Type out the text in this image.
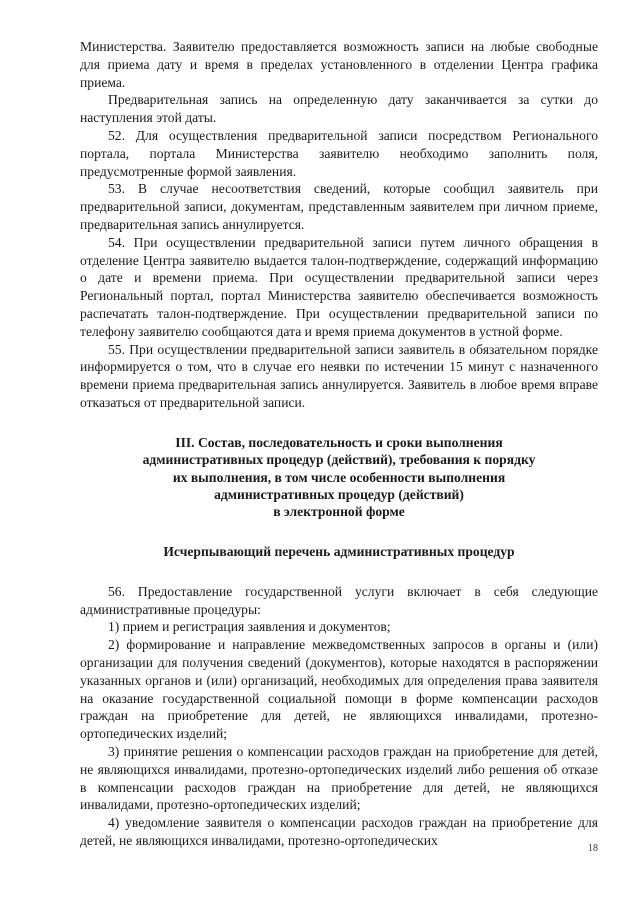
Министерства. Заявителю предоставляется возможность записи на любые свободные для приема дату и время в пределах установленного в отделении Центра графика приема.

Предварительная запись на определенную дату заканчивается за сутки до наступления этой даты.

52. Для осуществления предварительной записи посредством Регионального портала, портала Министерства заявителю необходимо заполнить поля, предусмотренные формой заявления.

53. В случае несоответствия сведений, которые сообщил заявитель при предварительной записи, документам, представленным заявителем при личном приеме, предварительная запись аннулируется.

54. При осуществлении предварительной записи путем личного обращения в отделение Центра заявителю выдается талон-подтверждение, содержащий информацию о дате и времени приема. При осуществлении предварительной записи через Региональный портал, портал Министерства заявителю обеспечивается возможность распечатать талон-подтверждение. При осуществлении предварительной записи по телефону заявителю сообщаются дата и время приема документов в устной форме.

55. При осуществлении предварительной записи заявитель в обязательном порядке информируется о том, что в случае его неявки по истечении 15 минут с назначенного времени приема предварительная запись аннулируется. Заявитель в любое время вправе отказаться от предварительной записи.

III. Состав, последовательность и сроки выполнения
административных процедур (действий), требования к порядку
их выполнения, в том числе особенности выполнения
административных процедур (действий)
в электронной форме
Исчерпывающий перечень административных процедур

56. Предоставление государственной услуги включает в себя следующие административные процедуры:

1) прием и регистрация заявления и документов;

2) формирование и направление межведомственных запросов в органы и (или) организации для получения сведений (документов), которые находятся в распоряжении указанных органов и (или) организаций, необходимых для определения права заявителя на оказание государственной социальной помощи в форме компенсации расходов граждан на приобретение для детей, не являющихся инвалидами, протезно-ортопедических изделий;

3) принятие решения о компенсации расходов граждан на приобретение для детей, не являющихся инвалидами, протезно-ортопедических изделий либо решения об отказе в компенсации расходов граждан на приобретение для детей, не являющихся инвалидами, протезно-ортопедических изделий;

4) уведомление заявителя о компенсации расходов граждан на приобретение для детей, не являющихся инвалидами, протезно-ортопедических

18
